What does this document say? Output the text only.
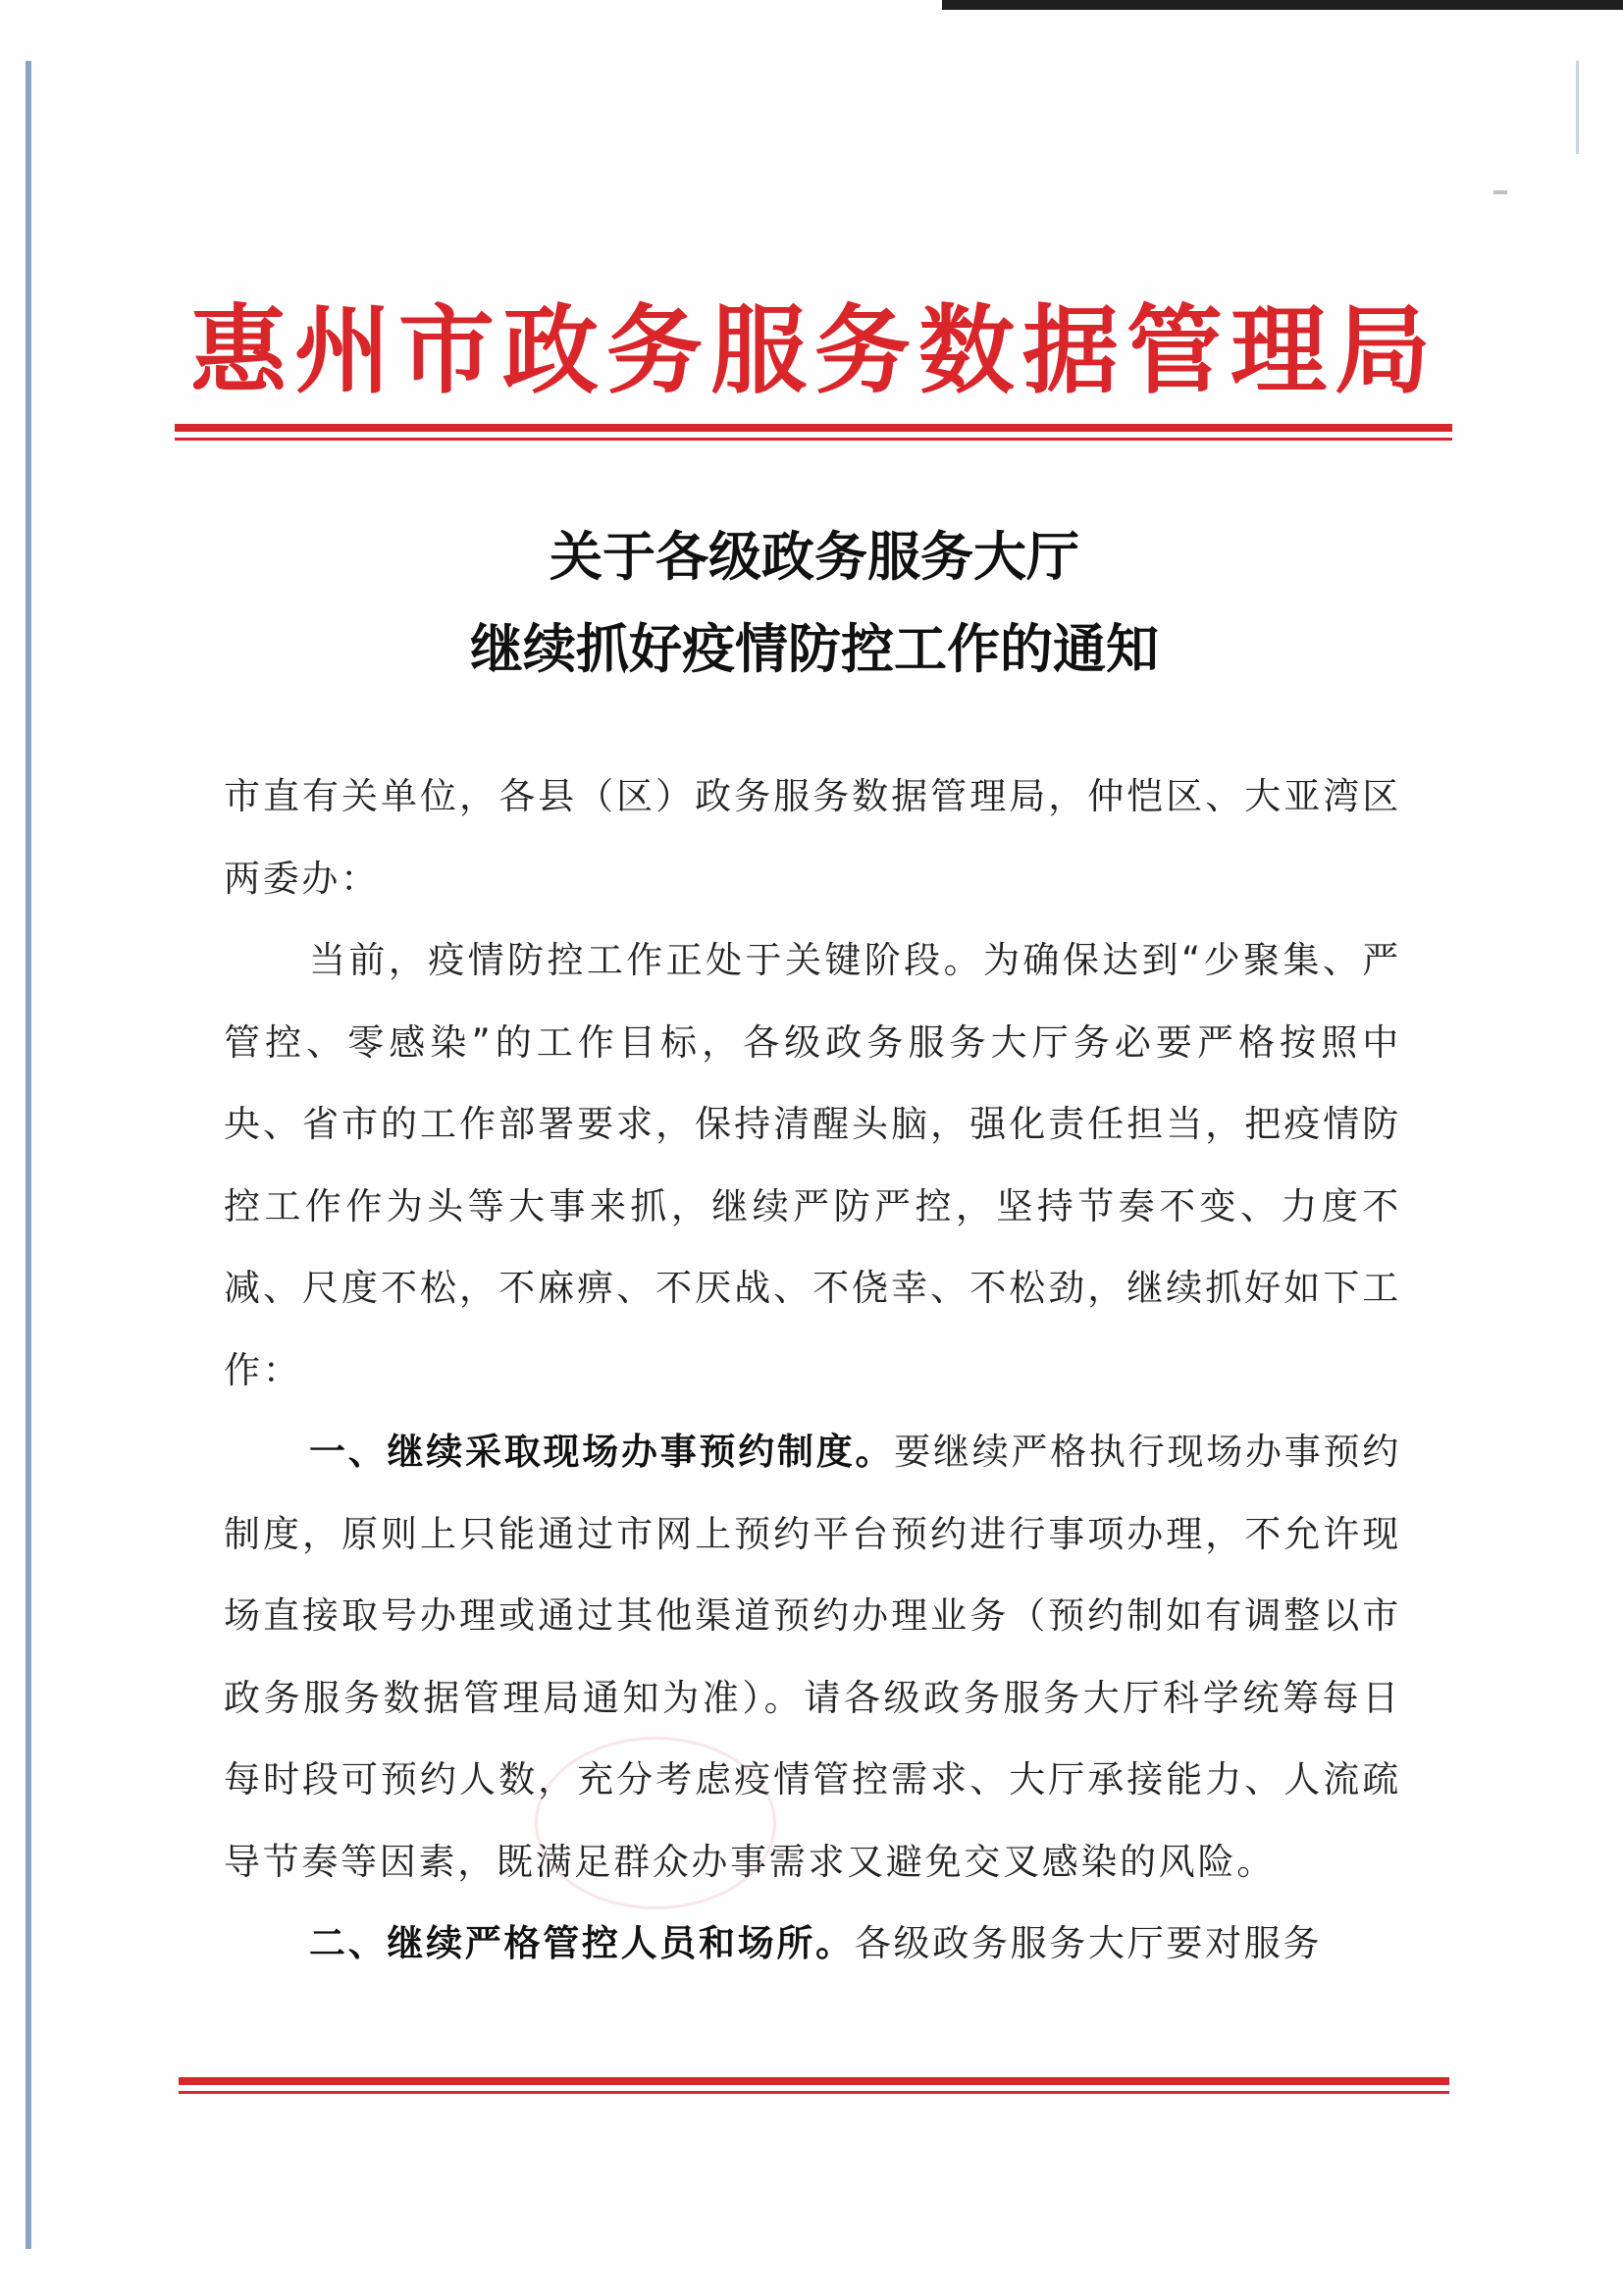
惠州市政务服务数据管理局
关于各级政务服务大厅
继续抓好疫情防控工作的通知

市直有关单位，各县（区）政务服务数据管理局，仲恺区、大亚湾区两委办：

当前，疫情防控工作正处于关键阶段。为确保达到“少聚集、严管控、零感染”的工作目标，各级政务服务大厅务必要严格按照中央、省市的工作部署要求，保持清醒头脑，强化责任担当，把疫情防控工作作为头等大事来抓，继续严防严控，坚持节奏不变、力度不减、尺度不松，不麻痹、不厌战、不侥幸、不松劲，继续抓好如下工作：

一、继续采取现场办事预约制度。要继续严格执行现场办事预约制度，原则上只能通过市网上预约平台预约进行事项办理，不允许现场直接取号办理或通过其他渠道预约办理业务（预约制如有调整以市政务服务数据管理局通知为准）。请各级政务服务大厅科学统筹每日每时段可预约人数，充分考虑疫情管控需求、大厅承接能力、人流疏导节奏等因素，既满足群众办事需求又避免交叉感染的风险。

二、继续严格管控人员和场所。各级政务服务大厅要对服务
